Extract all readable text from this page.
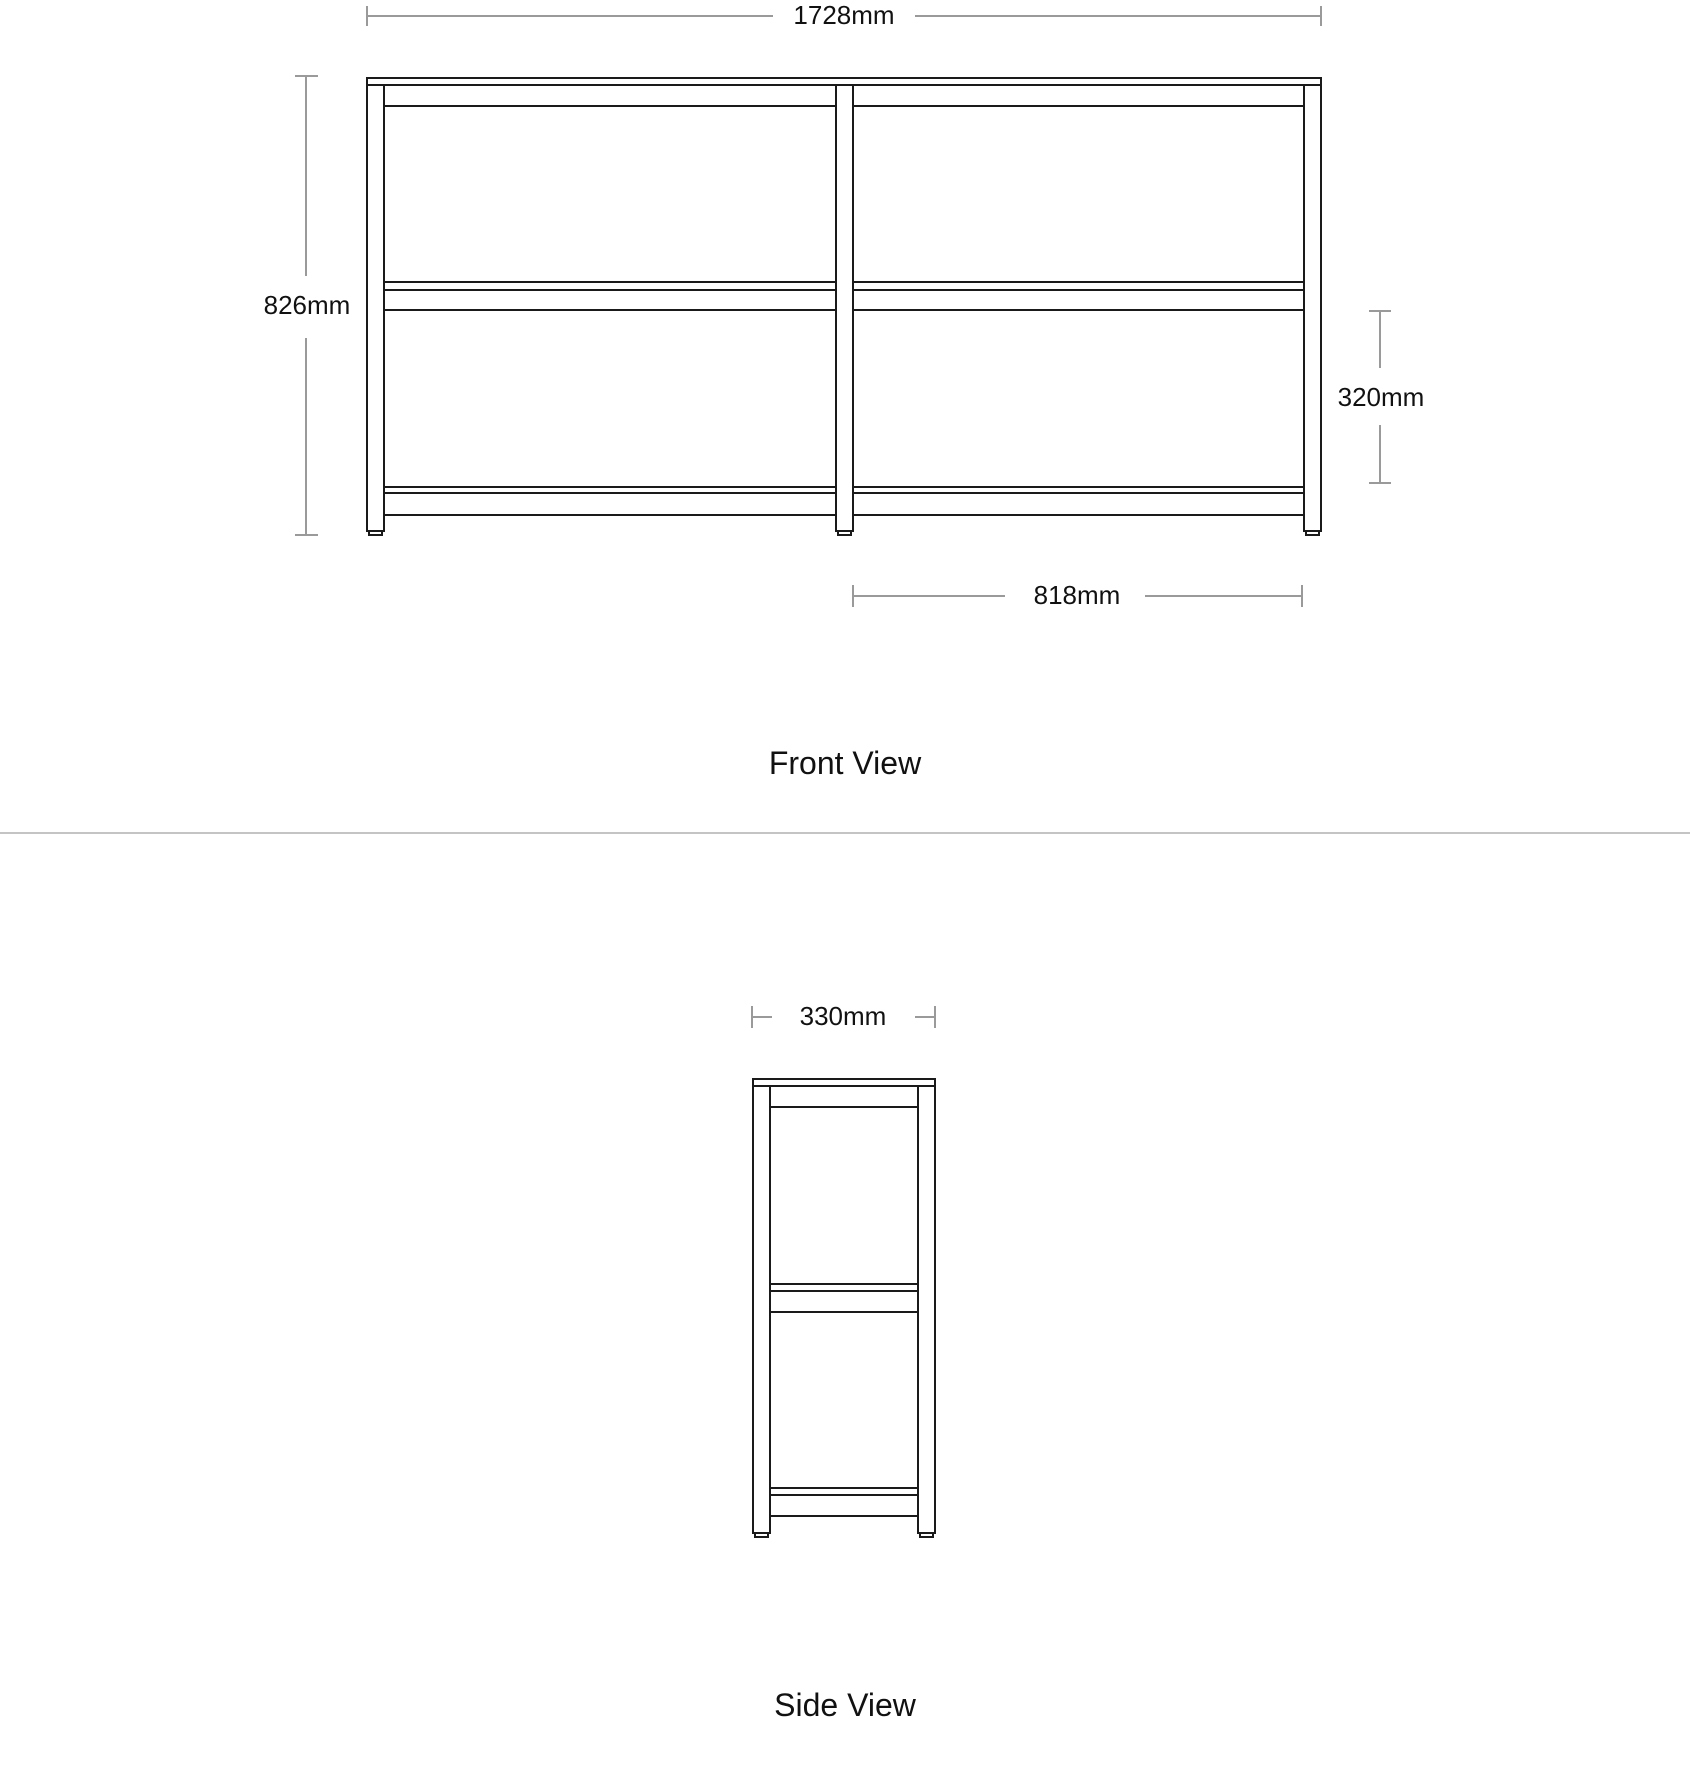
1728mm
826mm
320mm
818mm
Front View
330mm
Side View
